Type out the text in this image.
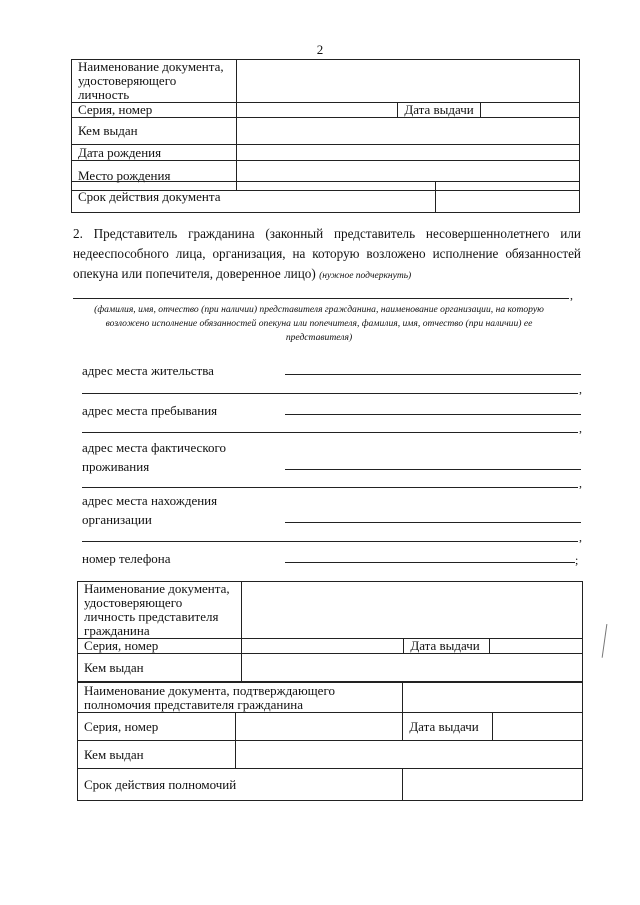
2
Наименование документа, удостоверяющего личность			
Серия, номер		Дата выдачи	
Кем выдан			
Дата рождения			
Место рождения			
Срок действия документа	
2. Представитель гражданина (законный представитель несовершеннолетнего или недееспособного лица, организация, на которую возложено исполнение обязанностей опекуна или попечителя, доверенное лицо) (нужное подчеркнуть)
,
(фамилия, имя, отчество (при наличии) представителя гражданина, наименование организации, на которую возложено исполнение обязанностей опекуна или попечителя, фамилия, имя, отчество (при наличии) ее представителя)
адрес места жительства
,
адрес места пребывания
,
адрес места фактического
проживания
,
адрес места нахождения
организации
,
номер телефона	;
Наименование документа, удостоверяющего личность представителя гражданина			
Серия, номер		Дата выдачи	
Кем выдан			
Наименование документа, подтверждающего полномочия представителя гражданина			
Серия, номер		Дата выдачи	
Кем выдан			
Срок действия полномочий			
